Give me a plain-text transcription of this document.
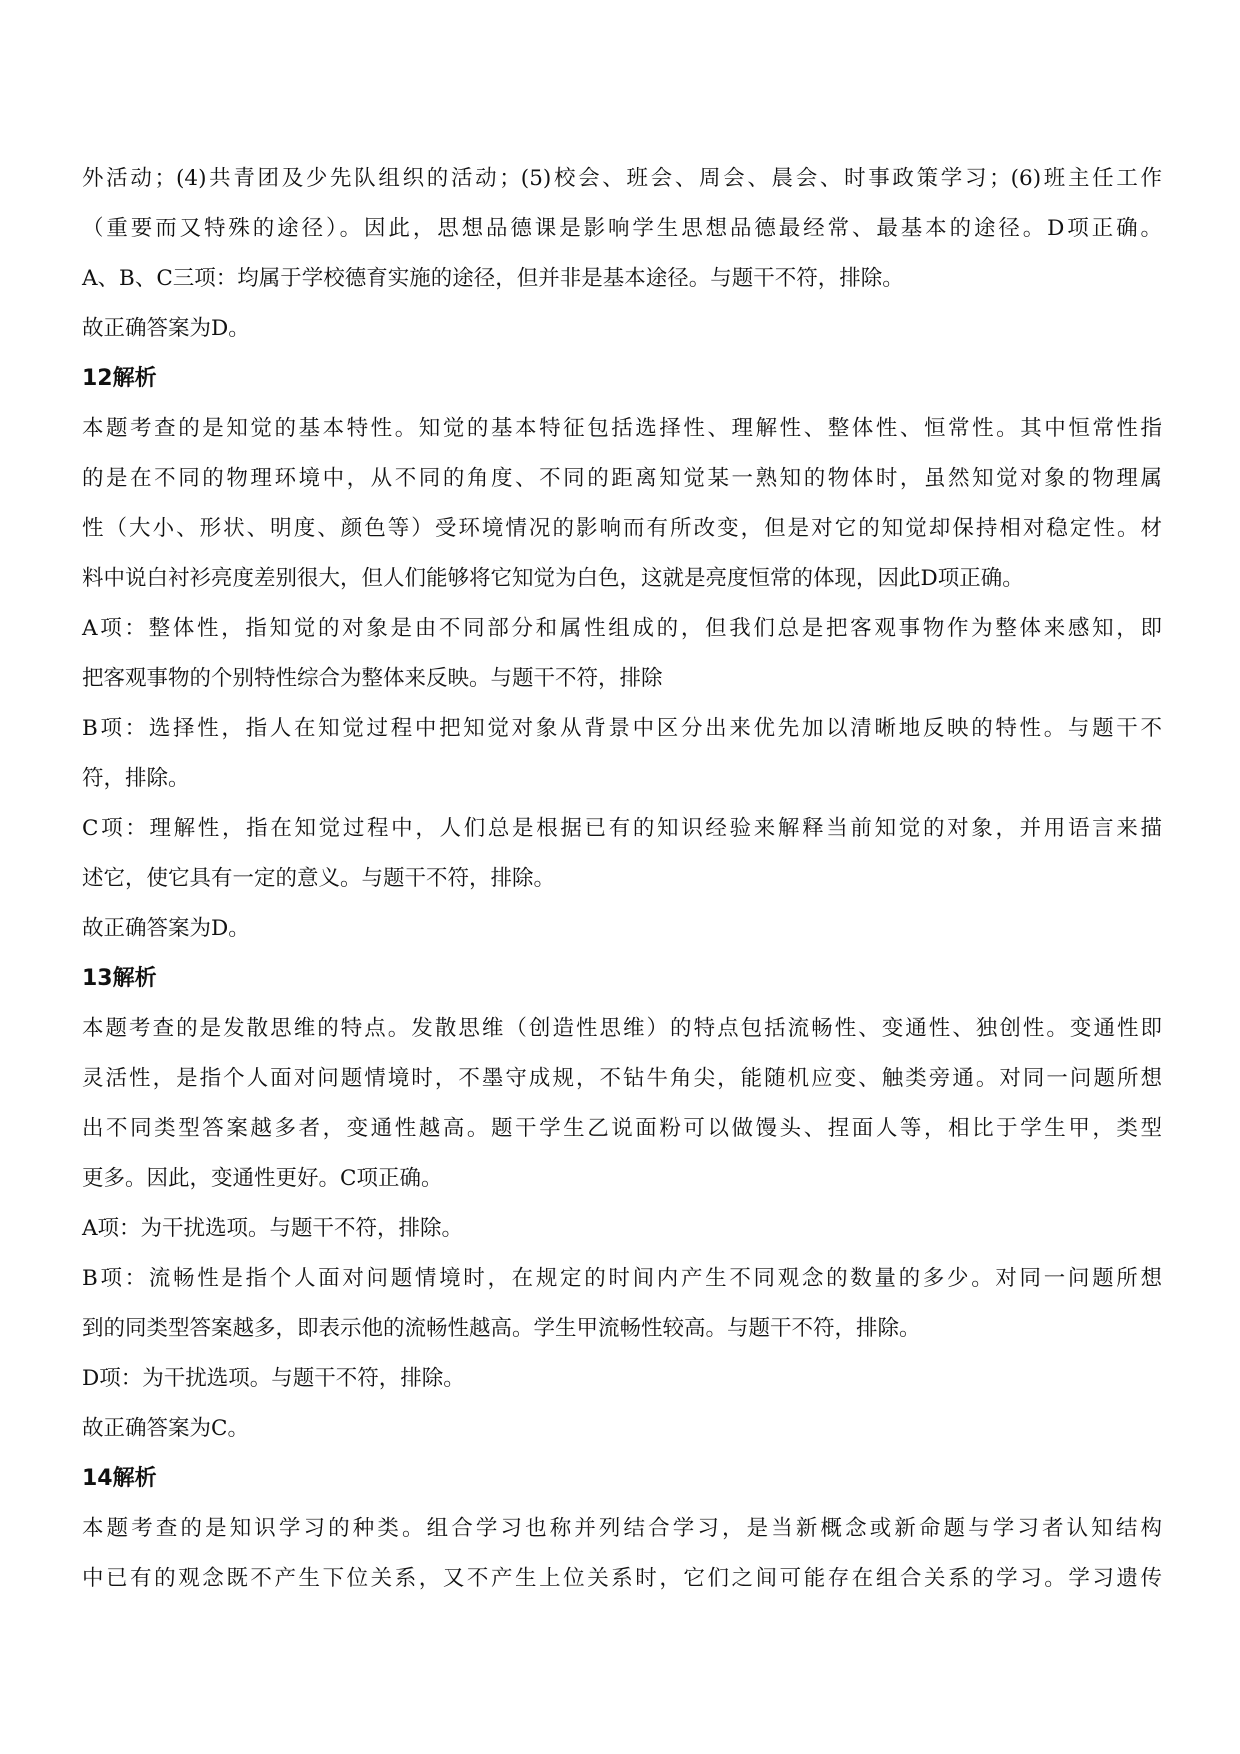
外活动；(4)共青团及少先队组织的活动；(5)校会、班会、周会、晨会、时事政策学习；(6)班主任工作

（重要而又特殊的途径）。因此，思想品德课是影响学生思想品德最经常、最基本的途径。D项正确。

A、B、C三项：均属于学校德育实施的途径，但并非是基本途径。与题干不符，排除。

故正确答案为D。

12解析

本题考查的是知觉的基本特性。知觉的基本特征包括选择性、理解性、整体性、恒常性。其中恒常性指

的是在不同的物理环境中，从不同的角度、不同的距离知觉某一熟知的物体时，虽然知觉对象的物理属

性（大小、形状、明度、颜色等）受环境情况的影响而有所改变，但是对它的知觉却保持相对稳定性。材

料中说白衬衫亮度差别很大，但人们能够将它知觉为白色，这就是亮度恒常的体现，因此D项正确。

A项：整体性，指知觉的对象是由不同部分和属性组成的，但我们总是把客观事物作为整体来感知，即

把客观事物的个别特性综合为整体来反映。与题干不符，排除

B项：选择性，指人在知觉过程中把知觉对象从背景中区分出来优先加以清晰地反映的特性。与题干不

符，排除。

C项：理解性，指在知觉过程中，人们总是根据已有的知识经验来解释当前知觉的对象，并用语言来描

述它，使它具有一定的意义。与题干不符，排除。

故正确答案为D。

13解析

本题考查的是发散思维的特点。发散思维（创造性思维）的特点包括流畅性、变通性、独创性。变通性即

灵活性，是指个人面对问题情境时，不墨守成规，不钻牛角尖，能随机应变、触类旁通。对同一问题所想

出不同类型答案越多者，变通性越高。题干学生乙说面粉可以做馒头、捏面人等，相比于学生甲，类型

更多。因此，变通性更好。C项正确。

A项：为干扰选项。与题干不符，排除。

B项：流畅性是指个人面对问题情境时，在规定的时间内产生不同观念的数量的多少。对同一问题所想

到的同类型答案越多，即表示他的流畅性越高。学生甲流畅性较高。与题干不符，排除。

D项：为干扰选项。与题干不符，排除。

故正确答案为C。

14解析

本题考查的是知识学习的种类。组合学习也称并列结合学习，是当新概念或新命题与学习者认知结构

中已有的观念既不产生下位关系，又不产生上位关系时，它们之间可能存在组合关系的学习。学习遗传
